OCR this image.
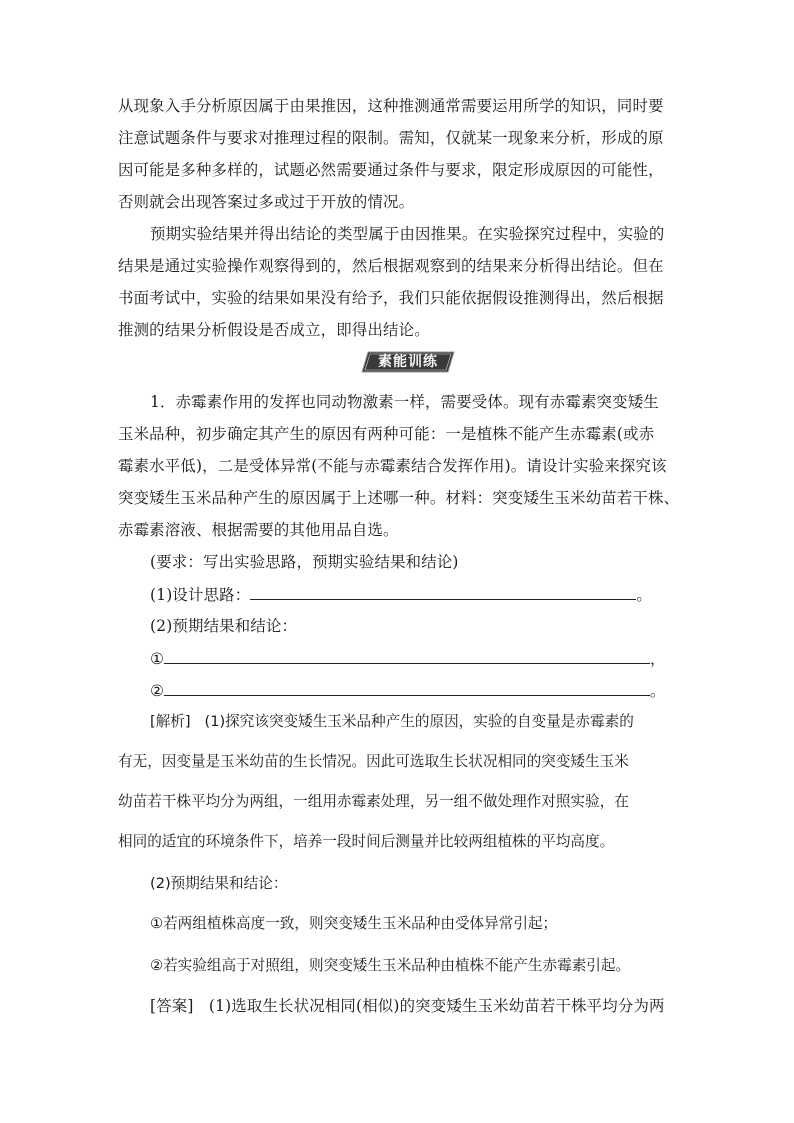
从现象入手分析原因属于由果推因，这种推测通常需要运用所学的知识，同时要
注意试题条件与要求对推理过程的限制。需知，仅就某一现象来分析，形成的原
因可能是多种多样的，试题必然需要通过条件与要求，限定形成原因的可能性，
否则就会出现答案过多或过于开放的情况。
预期实验结果并得出结论的类型属于由因推果。在实验探究过程中，实验的
结果是通过实验操作观察得到的，然后根据观察到的结果来分析得出结论。但在
书面考试中，实验的结果如果没有给予，我们只能依据假设推测得出，然后根据
推测的结果分析假设是否成立，即得出结论。
素能训练
1．赤霉素作用的发挥也同动物激素一样，需要受体。现有赤霉素突变矮生
玉米品种，初步确定其产生的原因有两种可能：一是植株不能产生赤霉素(或赤
霉素水平低)，二是受体异常(不能与赤霉素结合发挥作用)。请设计实验来探究该
突变矮生玉米品种产生的原因属于上述哪一种。材料：突变矮生玉米幼苗若干株、
赤霉素溶液、根据需要的其他用品自选。
(要求：写出实验思路，预期实验结果和结论)
(1)设计思路：	。
(2)预期结果和结论：
①	，
②	。
[解析] (1)探究该突变矮生玉米品种产生的原因，实验的自变量是赤霉素的
有无，因变量是玉米幼苗的生长情况。因此可选取生长状况相同的突变矮生玉米
幼苗若干株平均分为两组，一组用赤霉素处理，另一组不做处理作对照实验，在
相同的适宜的环境条件下，培养一段时间后测量并比较两组植株的平均高度。
(2)预期结果和结论：
①若两组植株高度一致，则突变矮生玉米品种由受体异常引起；
②若实验组高于对照组，则突变矮生玉米品种由植株不能产生赤霉素引起。
[答案] (1)选取生长状况相同(相似)的突变矮生玉米幼苗若干株平均分为两
